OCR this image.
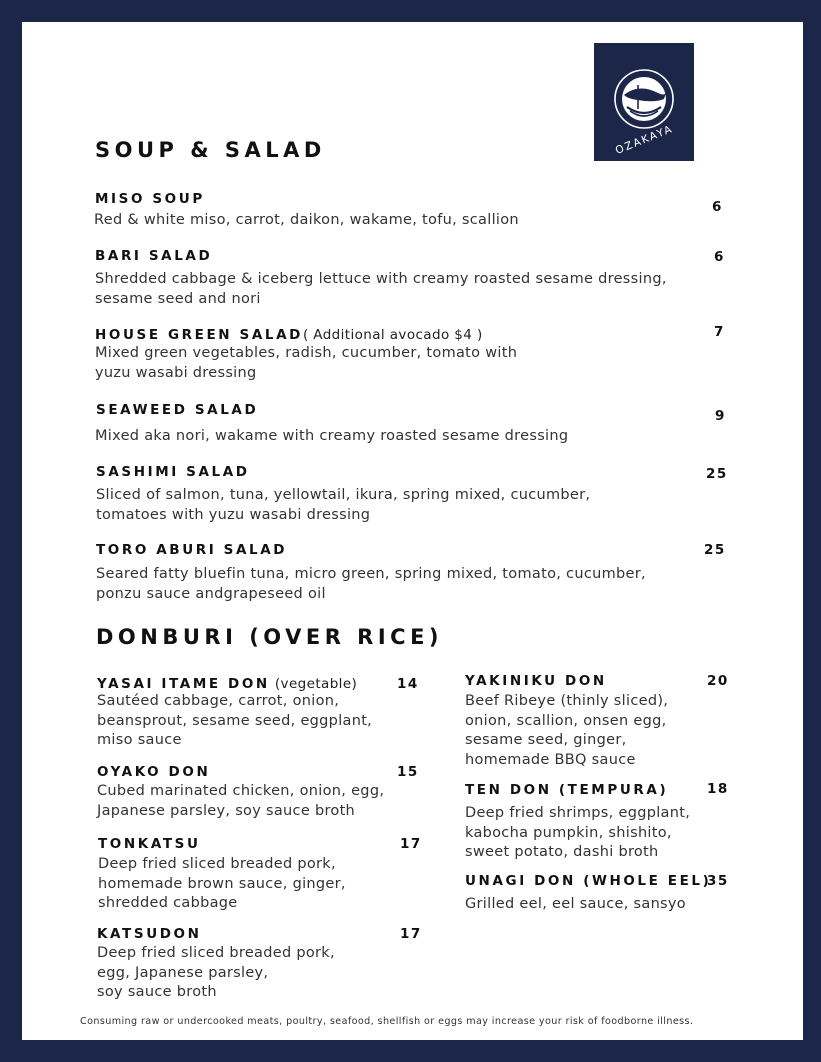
OZAKAYA
SOUP & SALAD
MISO SOUP	6
Red & white miso, carrot, daikon, wakame, tofu, scallion
BARI SALAD	6
Shredded cabbage & iceberg lettuce with creamy roasted sesame dressing,
sesame seed and nori
HOUSE GREEN SALAD( Additional avocado $4 )	7
Mixed green vegetables, radish, cucumber, tomato with
yuzu wasabi dressing
SEAWEED SALAD	9
Mixed aka nori, wakame with creamy roasted sesame dressing
SASHIMI SALAD	25
Sliced of salmon, tuna, yellowtail, ikura, spring mixed, cucumber,
tomatoes with yuzu wasabi dressing
TORO ABURI SALAD	25
Seared fatty bluefin tuna, micro green, spring mixed, tomato, cucumber,
ponzu sauce andgrapeseed oil
DONBURI (OVER RICE)
YASAI ITAME DON (vegetable)	14
Sautéed cabbage, carrot, onion,
beansprout, sesame seed, eggplant,
miso sauce
OYAKO DON	15
Cubed marinated chicken, onion, egg,
Japanese parsley, soy sauce broth
TONKATSU	17
Deep fried sliced breaded pork,
homemade brown sauce, ginger,
shredded cabbage
KATSUDON	17
Deep fried sliced breaded pork,
egg, Japanese parsley,
soy sauce broth
YAKINIKU DON	20
Beef Ribeye (thinly sliced),
onion, scallion, onsen egg,
sesame seed, ginger,
homemade BBQ sauce
TEN DON (TEMPURA)	18
Deep fried shrimps, eggplant,
kabocha pumpkin, shishito,
sweet potato, dashi broth
UNAGI DON (WHOLE EEL)
35
Grilled eel, eel sauce, sansyo
Consuming raw or undercooked meats, poultry, seafood, shellfish or eggs may increase your risk of foodborne illness.
